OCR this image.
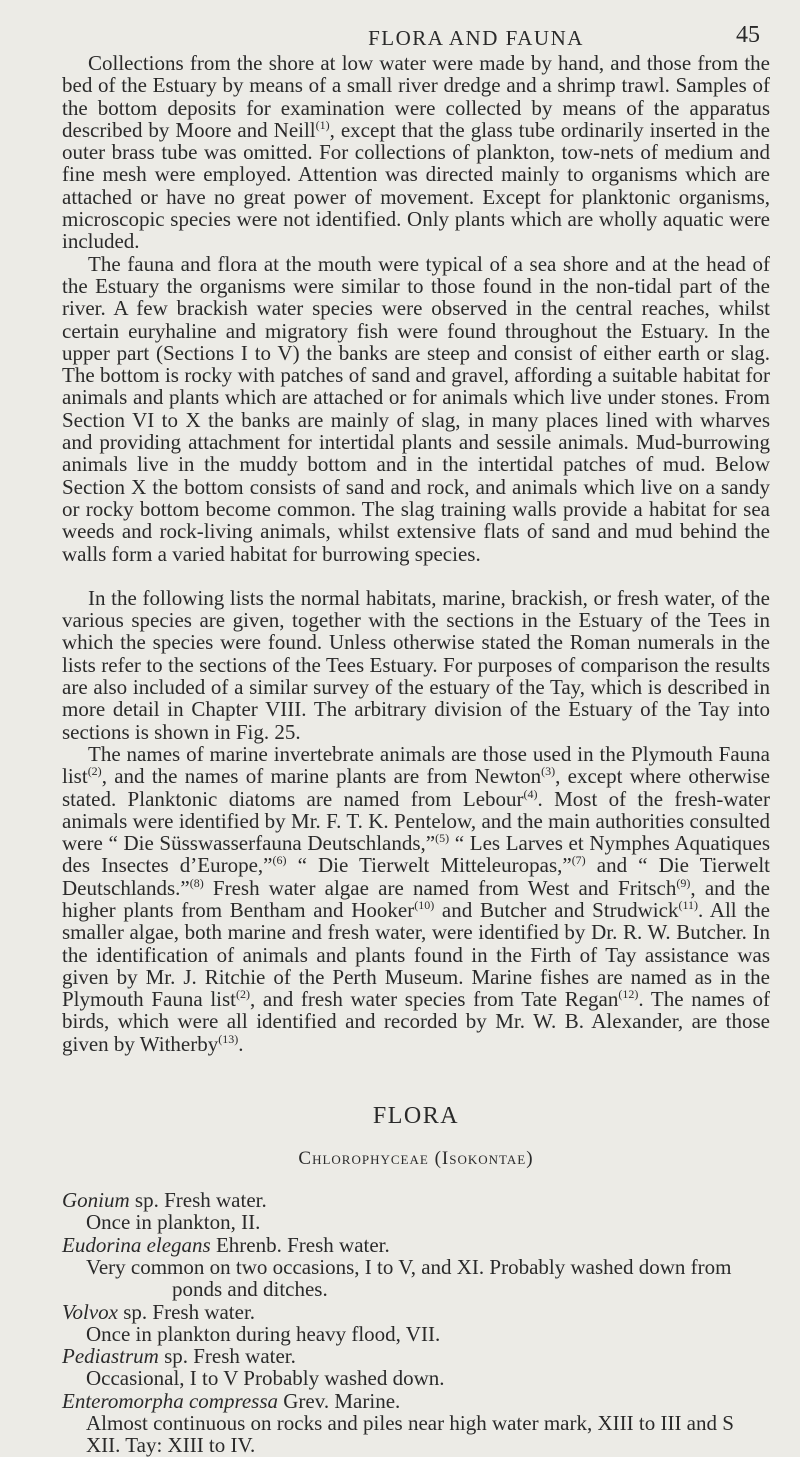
FLORA AND FAUNA	45

Collections from the shore at low water were made by hand, and those from the bed of the Estuary by means of a small river dredge and a shrimp trawl. Samples of the bottom deposits for examination were collected by means of the apparatus described by Moore and Neill$^{(1)}$, except that the glass tube ordinarily inserted in the outer brass tube was omitted. For collections of plankton, tow-nets of medium and fine mesh were employed. Attention was directed mainly to organisms which are attached or have no great power of movement. Except for planktonic organisms, microscopic species were not identified. Only plants which are wholly aquatic were included.

The fauna and flora at the mouth were typical of a sea shore and at the head of the Estuary the organisms were similar to those found in the non-tidal part of the river. A few brackish water species were observed in the central reaches, whilst certain euryhaline and migratory fish were found throughout the Estuary. In the upper part (Sections I to V) the banks are steep and consist of either earth or slag. The bottom is rocky with patches of sand and gravel, affording a suitable habitat for animals and plants which are attached or for animals which live under stones. From Section VI to X the banks are mainly of slag, in many places lined with wharves and providing attachment for intertidal plants and sessile animals. Mud-burrowing animals live in the muddy bottom and in the intertidal patches of mud. Below Section X the bottom consists of sand and rock, and animals which live on a sandy or rocky bottom become common. The slag training walls provide a habitat for sea weeds and rock-living animals, whilst extensive flats of sand and mud behind the walls form a varied habitat for burrowing species.

In the following lists the normal habitats, marine, brackish, or fresh water, of the various species are given, together with the sections in the Estuary of the Tees in which the species were found. Unless otherwise stated the Roman numerals in the lists refer to the sections of the Tees Estuary. For purposes of comparison the results are also included of a similar survey of the estuary of the Tay, which is described in more detail in Chapter VIII. The arbitrary division of the Estuary of the Tay into sections is shown in Fig. 25.

The names of marine invertebrate animals are those used in the Plymouth Fauna list$^{(2)}$, and the names of marine plants are from Newton$^{(3)}$, except where otherwise stated. Planktonic diatoms are named from Lebour$^{(4)}$. Most of the fresh-water animals were identified by Mr. F. T. K. Pentelow, and the main authorities consulted were “ Die Süsswasserfauna Deutschlands,”$^{(5)}$ “ Les Larves et Nymphes Aquatiques des Insectes d’Europe,”$^{(6)}$ “ Die Tierwelt Mitteleuropas,”$^{(7)}$ and “ Die Tierwelt Deutschlands.”$^{(8)}$ Fresh water algae are named from West and Fritsch$^{(9)}$, and the higher plants from Bentham and Hooker$^{(10)}$ and Butcher and Strudwick$^{(11)}$. All the smaller algae, both marine and fresh water, were identified by Dr. R. W. Butcher. In the identification of animals and plants found in the Firth of Tay assistance was given by Mr. J. Ritchie of the Perth Museum. Marine fishes are named as in the Plymouth Fauna list$^{(2)}$, and fresh water species from Tate Regan$^{(12)}$. The names of birds, which were all identified and recorded by Mr. W. B. Alexander, are those given by Witherby$^{(13)}$.

FLORA
Chlorophyceae (Isokontae)
Gonium sp. Fresh water.
Once in plankton, II.
Eudorina elegans Ehrenb. Fresh water.
Very common on two occasions, I to V, and XI. Probably washed down from ponds and ditches.
Volvox sp. Fresh water.
Once in plankton during heavy flood, VII.
Pediastrum sp. Fresh water.
Occasional, I to V Probably washed down.
Enteromorpha compressa Grev. Marine.
Almost continuous on rocks and piles near high water mark, XIII to III and S XII. Tay: XIII to IV.
